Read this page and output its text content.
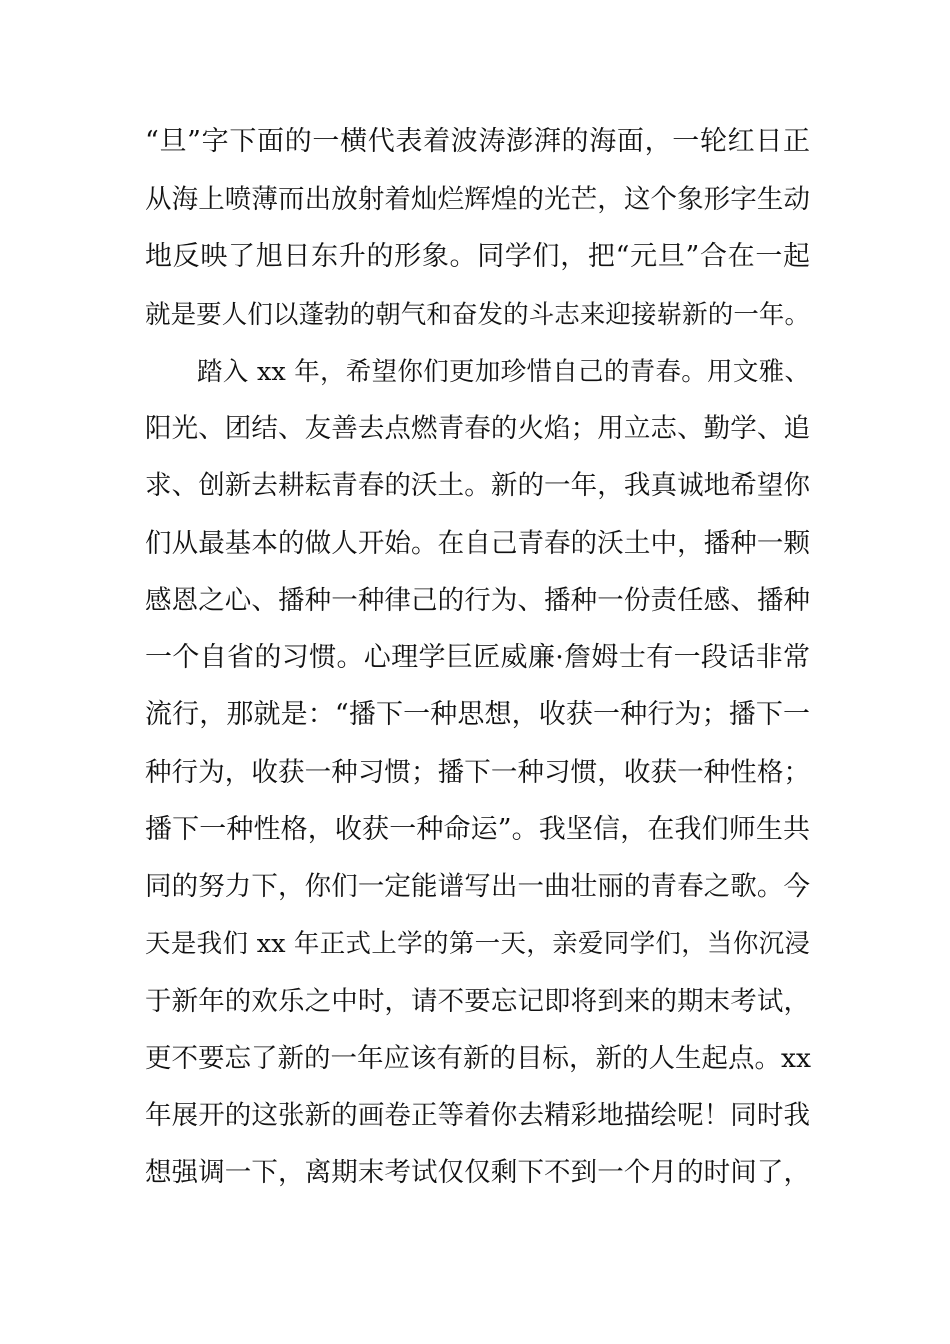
“旦”字下面的一横代表着波涛澎湃的海面，一轮红日正
从海上喷薄而出放射着灿烂辉煌的光芒，这个象形字生动
地反映了旭日东升的形象。同学们，把“元旦”合在一起
就是要人们以蓬勃的朝气和奋发的斗志来迎接崭新的一年。
踏入 xx 年，希望你们更加珍惜自己的青春。用文雅、
阳光、团结、友善去点燃青春的火焰；用立志、勤学、追
求、创新去耕耘青春的沃土。新的一年，我真诚地希望你
们从最基本的做人开始。在自己青春的沃土中，播种一颗
感恩之心、播种一种律己的行为、播种一份责任感、播种
一个自省的习惯。心理学巨匠威廉·詹姆士有一段话非常
流行，那就是：“播下一种思想，收获一种行为；播下一
种行为，收获一种习惯；播下一种习惯，收获一种性格；
播下一种性格，收获一种命运”。我坚信，在我们师生共
同的努力下，你们一定能谱写出一曲壮丽的青春之歌。今
天是我们 xx 年正式上学的第一天，亲爱同学们，当你沉浸
于新年的欢乐之中时，请不要忘记即将到来的期末考试，
更不要忘了新的一年应该有新的目标，新的人生起点。xx
年展开的这张新的画卷正等着你去精彩地描绘呢！同时我
想强调一下，离期末考试仅仅剩下不到一个月的时间了，
